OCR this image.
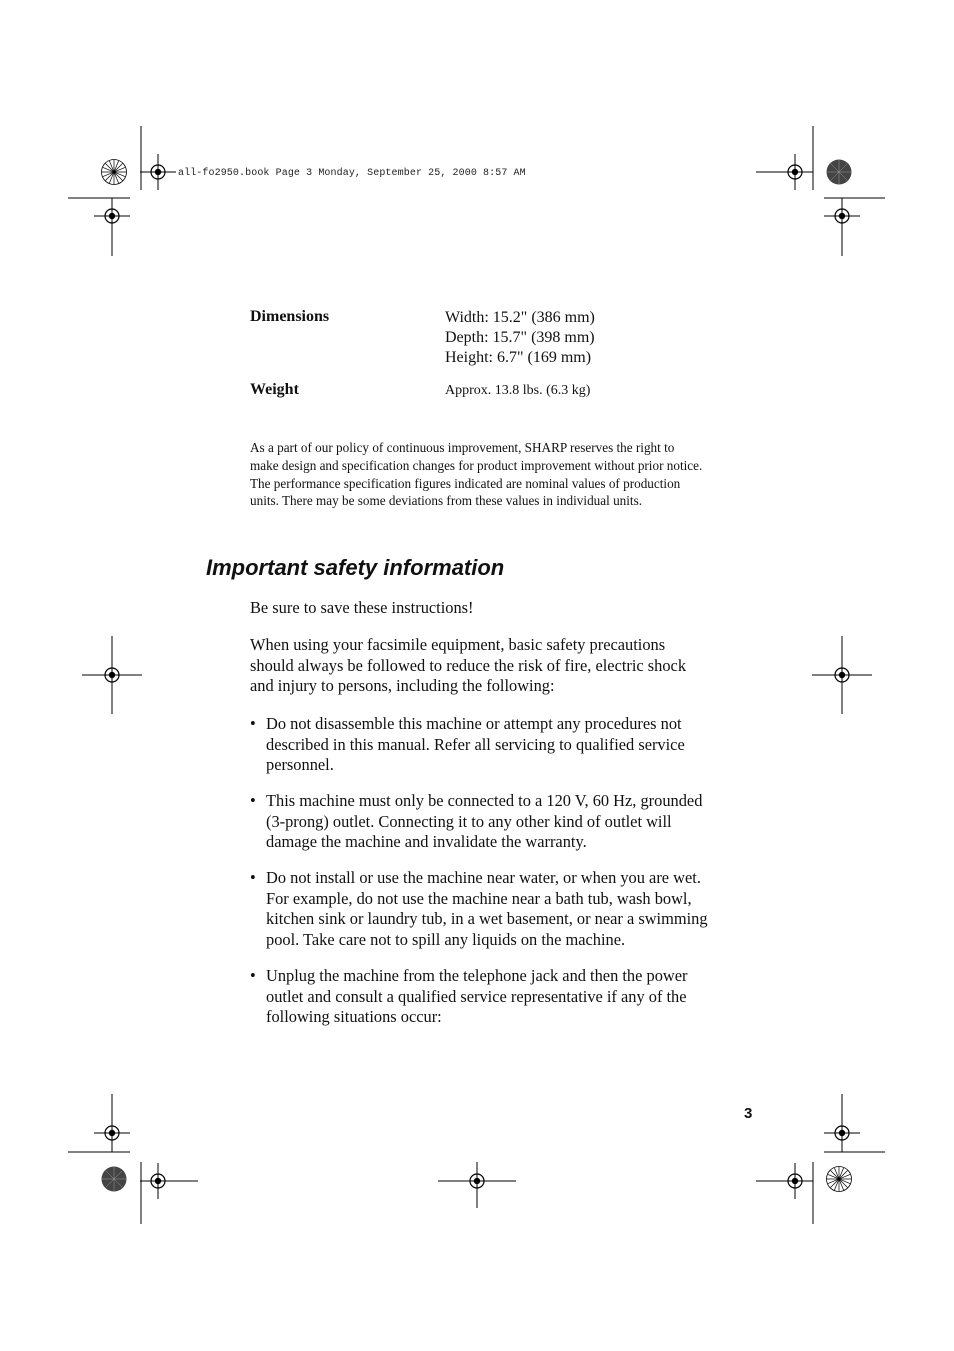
all-fo2950.book Page 3 Monday, September 25, 2000 8:57 AM
Dimensions	Width: 15.2" (386 mm)
Depth: 15.7" (398 mm)
Height: 6.7" (169 mm)
Weight	Approx. 13.8 lbs. (6.3 kg)
As a part of our policy of continuous improvement, SHARP reserves the right to
make design and specification changes for product improvement without prior notice.
The performance specification figures indicated are nominal values of production
units. There may be some deviations from these values in individual units.
Important safety information
Be sure to save these instructions!
When using your facsimile equipment, basic safety precautions
should always be followed to reduce the risk of fire, electric shock
and injury to persons, including the following:
• Do not disassemble this machine or attempt any procedures not
described in this manual. Refer all servicing to qualified service
personnel.
• This machine must only be connected to a 120 V, 60 Hz, grounded
(3-prong) outlet. Connecting it to any other kind of outlet will
damage the machine and invalidate the warranty.
• Do not install or use the machine near water, or when you are wet.
For example, do not use the machine near a bath tub, wash bowl,
kitchen sink or laundry tub, in a wet basement, or near a swimming
pool. Take care not to spill any liquids on the machine.
• Unplug the machine from the telephone jack and then the power
outlet and consult a qualified service representative if any of the
following situations occur:
3
